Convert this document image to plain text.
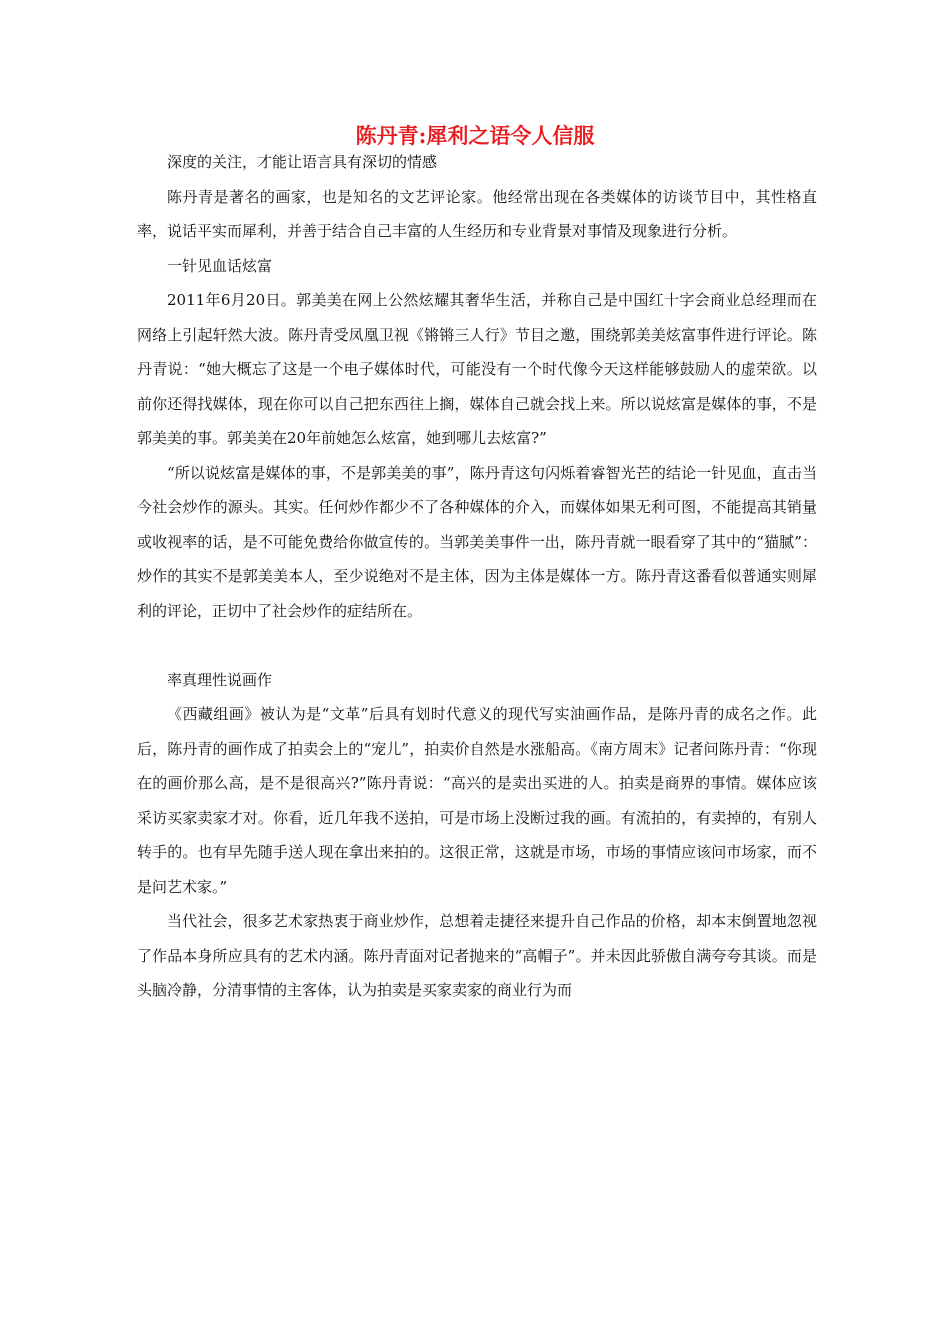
陈丹青:犀利之语令人信服

深度的关注，才能让语言具有深切的情感

陈丹青是著名的画家，也是知名的文艺评论家。他经常出现在各类媒体的访谈节目中，其性格直率，说话平实而犀利，并善于结合自己丰富的人生经历和专业背景对事情及现象进行分析。

一针见血话炫富

2011年6月20日。郭美美在网上公然炫耀其奢华生活，并称自己是中国红十字会商业总经理而在网络上引起轩然大波。陈丹青受凤凰卫视《锵锵三人行》节目之邀，围绕郭美美炫富事件进行评论。陈丹青说：“她大概忘了这是一个电子媒体时代，可能没有一个时代像今天这样能够鼓励人的虚荣欲。以前你还得找媒体，现在你可以自己把东西往上搁，媒体自己就会找上来。所以说炫富是媒体的事，不是郭美美的事。郭美美在20年前她怎么炫富，她到哪儿去炫富?”

“所以说炫富是媒体的事，不是郭美美的事”，陈丹青这句闪烁着睿智光芒的结论一针见血，直击当今社会炒作的源头。其实。任何炒作都少不了各种媒体的介入，而媒体如果无利可图，不能提高其销量或收视率的话，是不可能免费给你做宣传的。当郭美美事件一出，陈丹青就一眼看穿了其中的“猫腻”：炒作的其实不是郭美美本人，至少说绝对不是主体，因为主体是媒体一方。陈丹青这番看似普通实则犀利的评论，正切中了社会炒作的症结所在。

率真理性说画作

《西藏组画》被认为是“文革”后具有划时代意义的现代写实油画作品，是陈丹青的成名之作。此后，陈丹青的画作成了拍卖会上的“宠儿”，拍卖价自然是水涨船高。《南方周末》记者问陈丹青：“你现在的画价那么高，是不是很高兴?”陈丹青说：“高兴的是卖出买进的人。拍卖是商界的事情。媒体应该采访买家卖家才对。你看，近几年我不送拍，可是市场上没断过我的画。有流拍的，有卖掉的，有别人转手的。也有早先随手送人现在拿出来拍的。这很正常，这就是市场，市场的事情应该问市场家，而不是问艺术家。”

当代社会，很多艺术家热衷于商业炒作，总想着走捷径来提升自己作品的价格，却本末倒置地忽视了作品本身所应具有的艺术内涵。陈丹青面对记者抛来的“高帽子”。并未因此骄傲自满夸夸其谈。而是头脑冷静，分清事情的主客体，认为拍卖是买家卖家的商业行为而
